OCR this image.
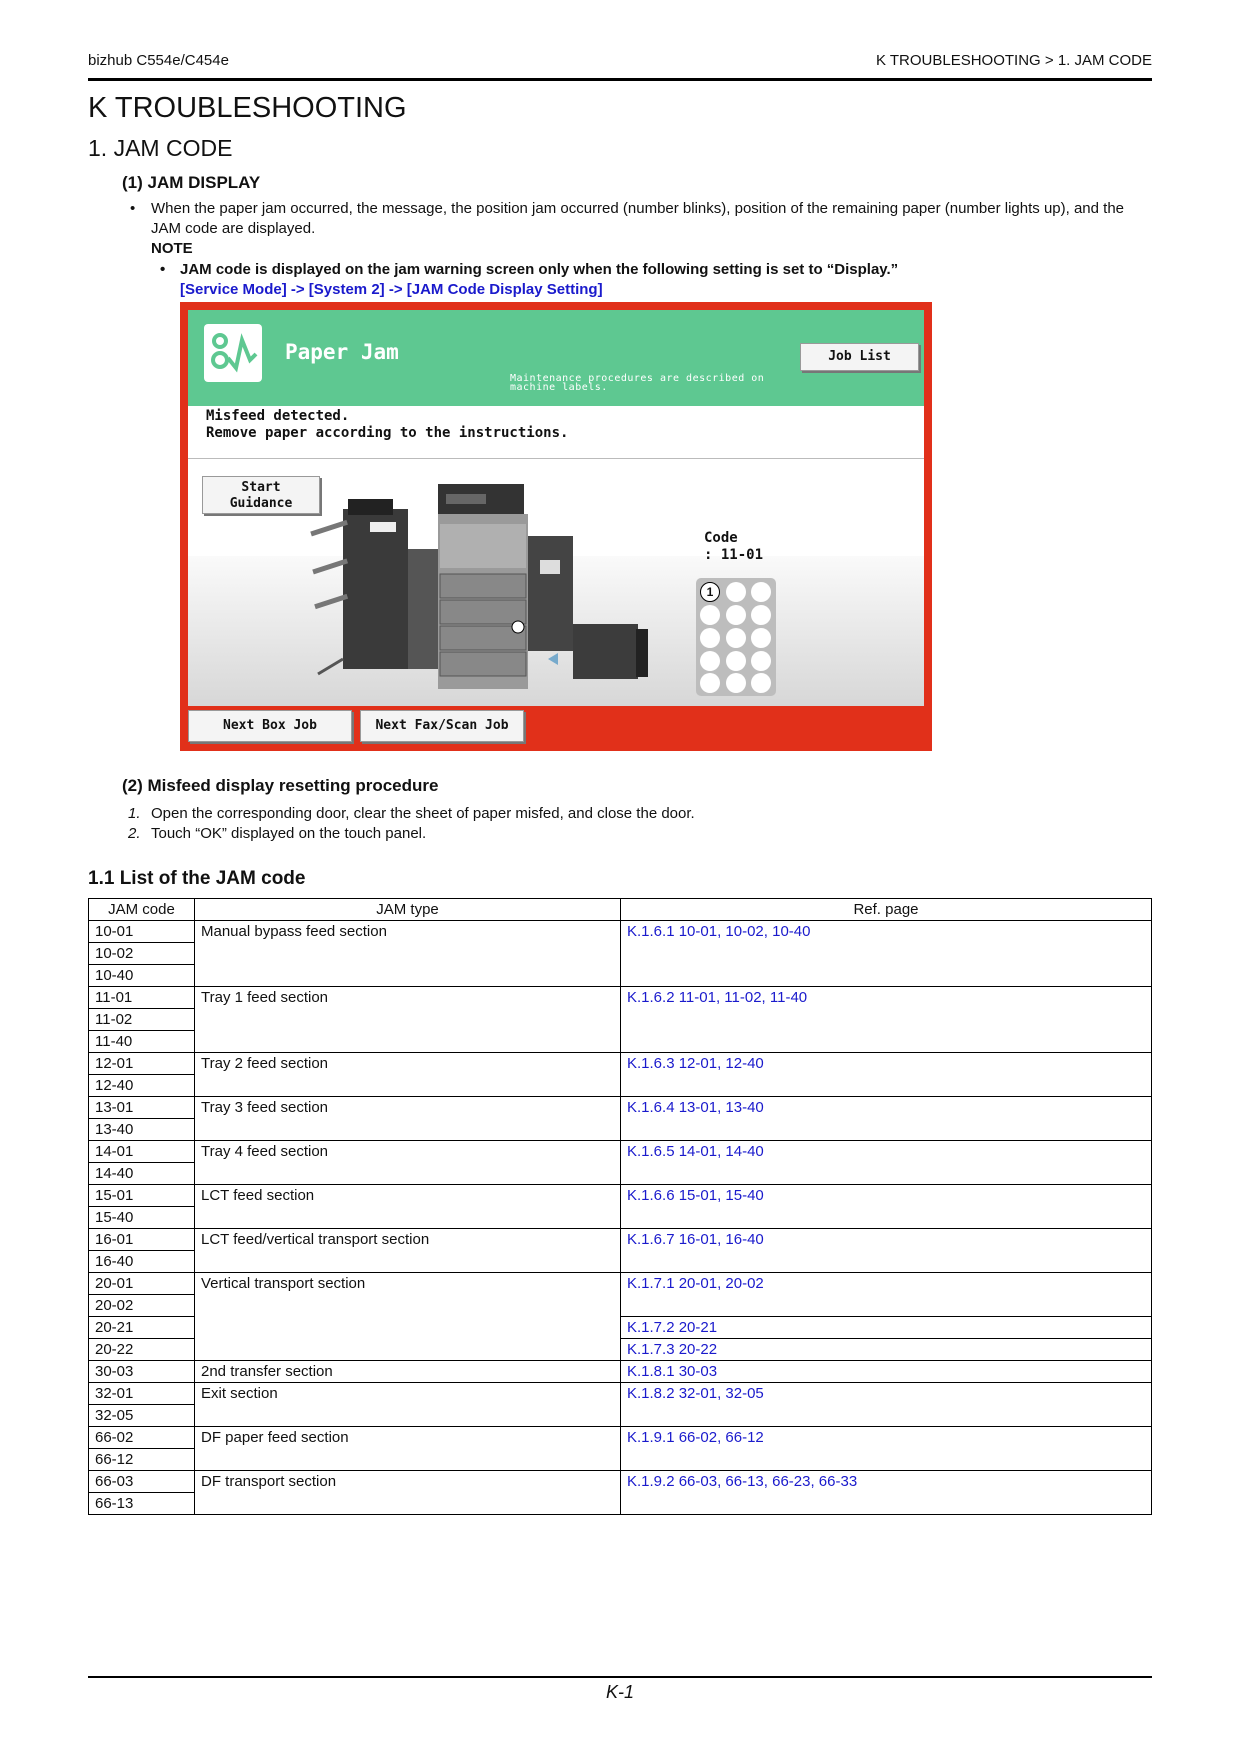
bizhub C554e/C454e	K TROUBLESHOOTING > 1. JAM CODE
K TROUBLESHOOTING
1. JAM CODE
(1) JAM DISPLAY
• When the paper jam occurred, the message, the position jam occurred (number blinks), position of the remaining paper (number lights up), and the JAM code are displayed.
NOTE
• JAM code is displayed on the jam warning screen only when the following setting is set to “Display.”
[Service Mode] -> [System 2] -> [JAM Code Display Setting]
Paper Jam
Maintenance procedures are described on machine labels.
Job List
Misfeed detected.
Remove paper according to the instructions.
Start
Guidance
Code
: 11-01
1
Next Box Job	Next Fax/Scan Job
(2) Misfeed display resetting procedure
1. Open the corresponding door, clear the sheet of paper misfed, and close the door.
2. Touch “OK” displayed on the touch panel.
1.1 List of the JAM code
JAM code	JAM type	Ref. page
10-01	Manual bypass feed section	K.1.6.1 10-01, 10-02, 10-40
10-02		
10-40		
11-01	Tray 1 feed section	K.1.6.2 11-01, 11-02, 11-40
11-02		
11-40		
12-01	Tray 2 feed section	K.1.6.3 12-01, 12-40
12-40		
13-01	Tray 3 feed section	K.1.6.4 13-01, 13-40
13-40		
14-01	Tray 4 feed section	K.1.6.5 14-01, 14-40
14-40		
15-01	LCT feed section	K.1.6.6 15-01, 15-40
15-40		
16-01	LCT feed/vertical transport section	K.1.6.7 16-01, 16-40
16-40		
20-01	Vertical transport section	K.1.7.1 20-01, 20-02
20-02		
20-21		K.1.7.2 20-21
20-22		K.1.7.3 20-22
30-03	2nd transfer section	K.1.8.1 30-03
32-01	Exit section	K.1.8.2 32-01, 32-05
32-05		
66-02	DF paper feed section	K.1.9.1 66-02, 66-12
66-12		
66-03	DF transport section	K.1.9.2 66-03, 66-13, 66-23, 66-33
66-13		
K-1
